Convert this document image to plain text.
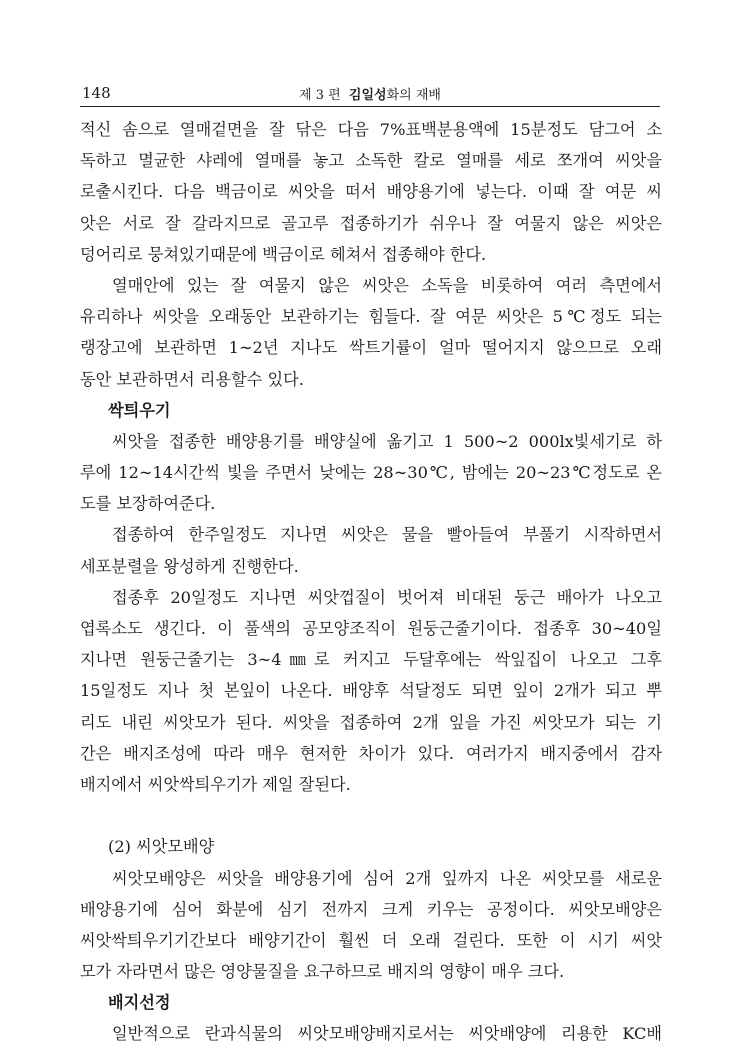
148	제 3 편 김일성화의 재배
적신 솜으로 열매겉면을 잘 닦은 다음 7%표백분용액에 15분정도 담그어 소
독하고 멸균한 샤레에 열매를 놓고 소독한 칼로 열매를 세로 쪼개여 씨앗을
로출시킨다. 다음 백금이로 씨앗을 떠서 배양용기에 넣는다. 이때 잘 여문 씨
앗은 서로 잘 갈라지므로 골고루 접종하기가 쉬우나 잘 여물지 않은 씨앗은
덩어리로 뭉쳐있기때문에 백금이로 헤쳐서 접종해야 한다.
열매안에 있는 잘 여물지 않은 씨앗은 소독을 비롯하여 여러 측면에서
유리하나 씨앗을 오래동안 보관하기는 힘들다. 잘 여문 씨앗은 5℃정도 되는
랭장고에 보관하면 1∼2년 지나도 싹트기률이 얼마 떨어지지 않으므로 오래
동안 보관하면서 리용할수 있다.
싹틔우기
씨앗을 접종한 배양용기를 배양실에 옮기고 1 500∼2 000lx빛세기로 하
루에 12∼14시간씩 빛을 주면서 낮에는 28∼30℃, 밤에는 20∼23℃정도로 온
도를 보장하여준다.
접종하여 한주일정도 지나면 씨앗은 물을 빨아들여 부풀기 시작하면서
세포분렬을 왕성하게 진행한다.
접종후 20일정도 지나면 씨앗껍질이 벗어져 비대된 둥근 배아가 나오고
엽록소도 생긴다. 이 풀색의 공모양조직이 원둥근줄기이다. 접종후 30∼40일
지나면 원둥근줄기는 3∼4㎜로 커지고 두달후에는 싹잎집이 나오고 그후
15일정도 지나 첫 본잎이 나온다. 배양후 석달정도 되면 잎이 2개가 되고 뿌
리도 내린 씨앗모가 된다. 씨앗을 접종하여 2개 잎을 가진 씨앗모가 되는 기
간은 배지조성에 따라 매우 현저한 차이가 있다. 여러가지 배지중에서 감자
배지에서 씨앗싹틔우기가 제일 잘된다.
(2) 씨앗모배양
씨앗모배양은 씨앗을 배양용기에 심어 2개 잎까지 나온 씨앗모를 새로운
배양용기에 심어 화분에 심기 전까지 크게 키우는 공정이다. 씨앗모배양은
씨앗싹틔우기기간보다 배양기간이 훨씬 더 오래 걸린다. 또한 이 시기 씨앗
모가 자라면서 많은 영양물질을 요구하므로 배지의 영향이 매우 크다.
배지선정
일반적으로 란과식물의 씨앗모배양배지로서는 씨앗배양에 리용한 KC배
